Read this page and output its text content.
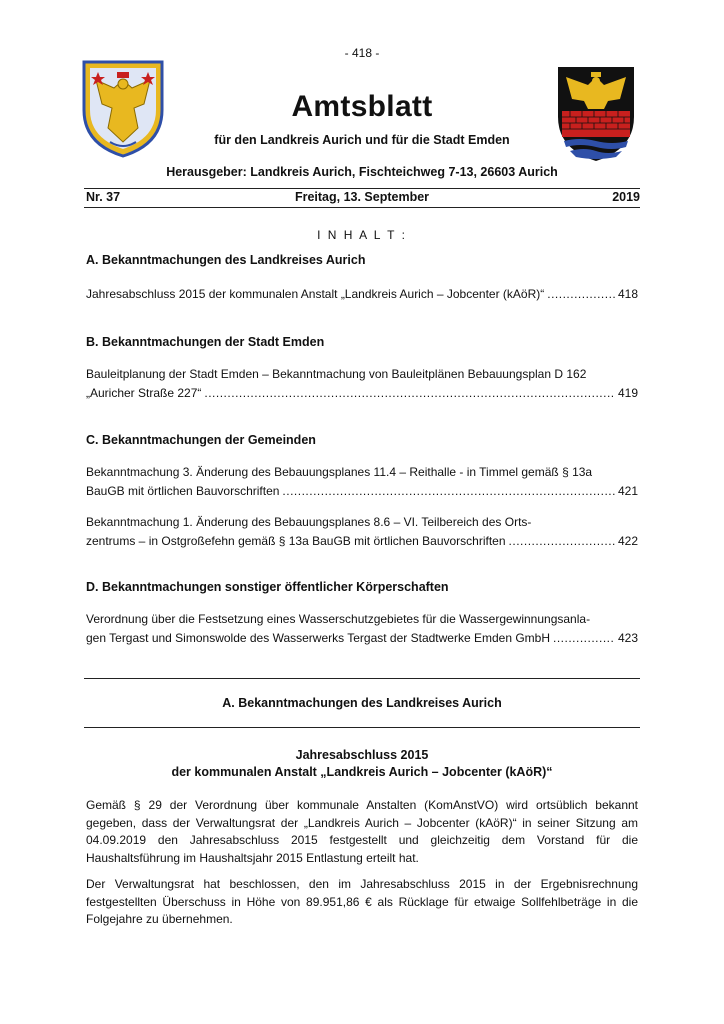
- 418 -
Amtsblatt
für den Landkreis Aurich und für die Stadt Emden
Herausgeber: Landkreis Aurich, Fischteichweg 7-13, 26603 Aurich
Nr. 37	Freitag, 13. September	2019
I N H A L T :
A. Bekanntmachungen des Landkreises Aurich
Jahresabschluss 2015 der kommunalen Anstalt „Landkreis Aurich – Jobcenter (kAöR)“ .....	418
B. Bekanntmachungen der Stadt Emden
Bauleitplanung der Stadt Emden – Bekanntmachung von Bauleitplänen Bebauungsplan D 162
„Auricher Straße 227“ .....	419
C. Bekanntmachungen der Gemeinden
Bekanntmachung 3. Änderung des Bebauungsplanes 11.4 – Reithalle - in Timmel gemäß § 13a
BauGB mit örtlichen Bauvorschriften .....	421
Bekanntmachung 1. Änderung des Bebauungsplanes 8.6 – VI. Teilbereich des Orts-
zentrums – in Ostgroßefehn gemäß § 13a BauGB mit örtlichen Bauvorschriften .....	422
D. Bekanntmachungen sonstiger öffentlicher Körperschaften
Verordnung über die Festsetzung eines Wasserschutzgebietes für die Wassergewinnungsanla-
gen Tergast und Simonswolde des Wasserwerks Tergast der Stadtwerke Emden GmbH .....	423
A. Bekanntmachungen des Landkreises Aurich
Jahresabschluss 2015
der kommunalen Anstalt „Landkreis Aurich – Jobcenter (kAöR)“
Gemäß § 29 der Verordnung über kommunale Anstalten (KomAnstVO) wird ortsüblich bekannt gegeben, dass der Verwaltungsrat der „Landkreis Aurich – Jobcenter (kAöR)“ in seiner Sitzung am 04.09.2019 den Jahresabschluss 2015 festgestellt und gleichzeitig dem Vorstand für die Haushaltsführung im Haushaltsjahr 2015 Entlastung erteilt hat.
Der Verwaltungsrat hat beschlossen, den im Jahresabschluss 2015 in der Ergebnisrechnung festgestellten Überschuss in Höhe von 89.951,86 € als Rücklage für etwaige Sollfehlbeträge in die Folgejahre zu übernehmen.
